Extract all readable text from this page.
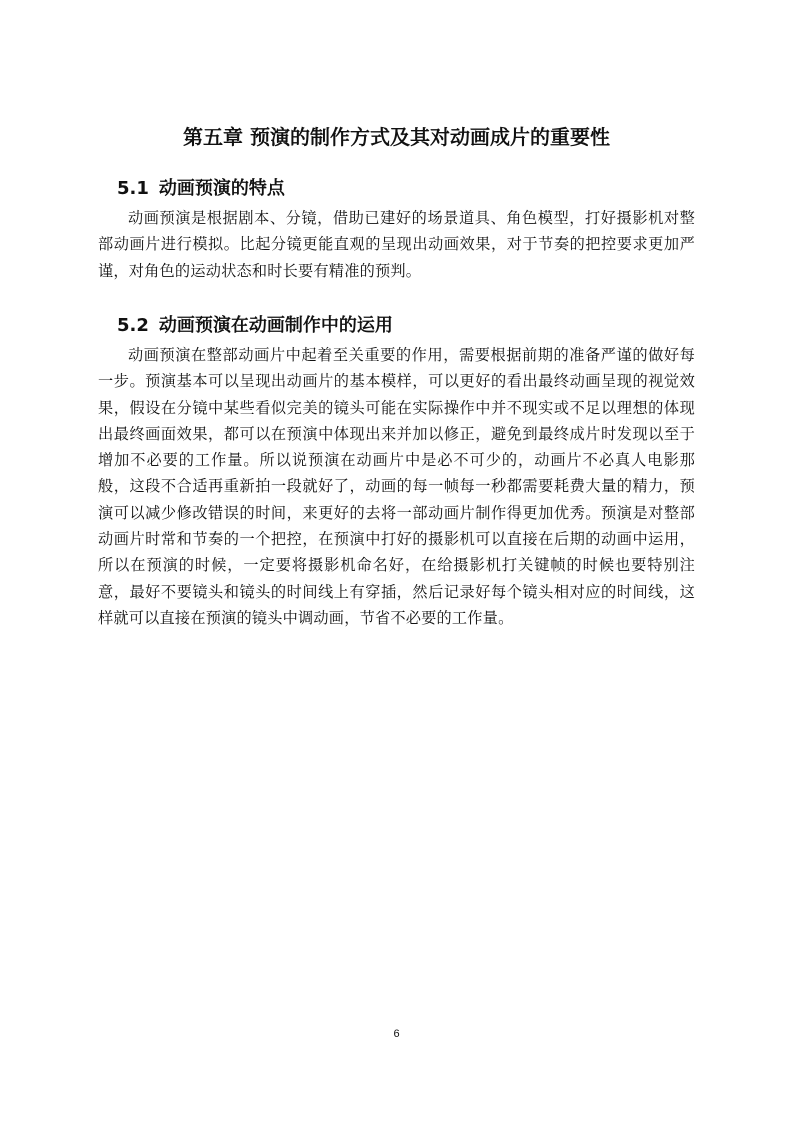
第五章 预演的制作方式及其对动画成片的重要性
5.1 动画预演的特点

动画预演是根据剧本、分镜，借助已建好的场景道具、角色模型，打好摄影机对整部动画片进行模拟。比起分镜更能直观的呈现出动画效果，对于节奏的把控要求更加严谨，对角色的运动状态和时长要有精准的预判。

5.2 动画预演在动画制作中的运用

动画预演在整部动画片中起着至关重要的作用，需要根据前期的准备严谨的做好每一步。预演基本可以呈现出动画片的基本模样，可以更好的看出最终动画呈现的视觉效果，假设在分镜中某些看似完美的镜头可能在实际操作中并不现实或不足以理想的体现出最终画面效果，都可以在预演中体现出来并加以修正，避免到最终成片时发现以至于增加不必要的工作量。所以说预演在动画片中是必不可少的，动画片不必真人电影那般，这段不合适再重新拍一段就好了，动画的每一帧每一秒都需要耗费大量的精力，预演可以减少修改错误的时间，来更好的去将一部动画片制作得更加优秀。预演是对整部动画片时常和节奏的一个把控，在预演中打好的摄影机可以直接在后期的动画中运用，所以在预演的时候，一定要将摄影机命名好，在给摄影机打关键帧的时候也要特别注意，最好不要镜头和镜头的时间线上有穿插，然后记录好每个镜头相对应的时间线，这样就可以直接在预演的镜头中调动画，节省不必要的工作量。

6
